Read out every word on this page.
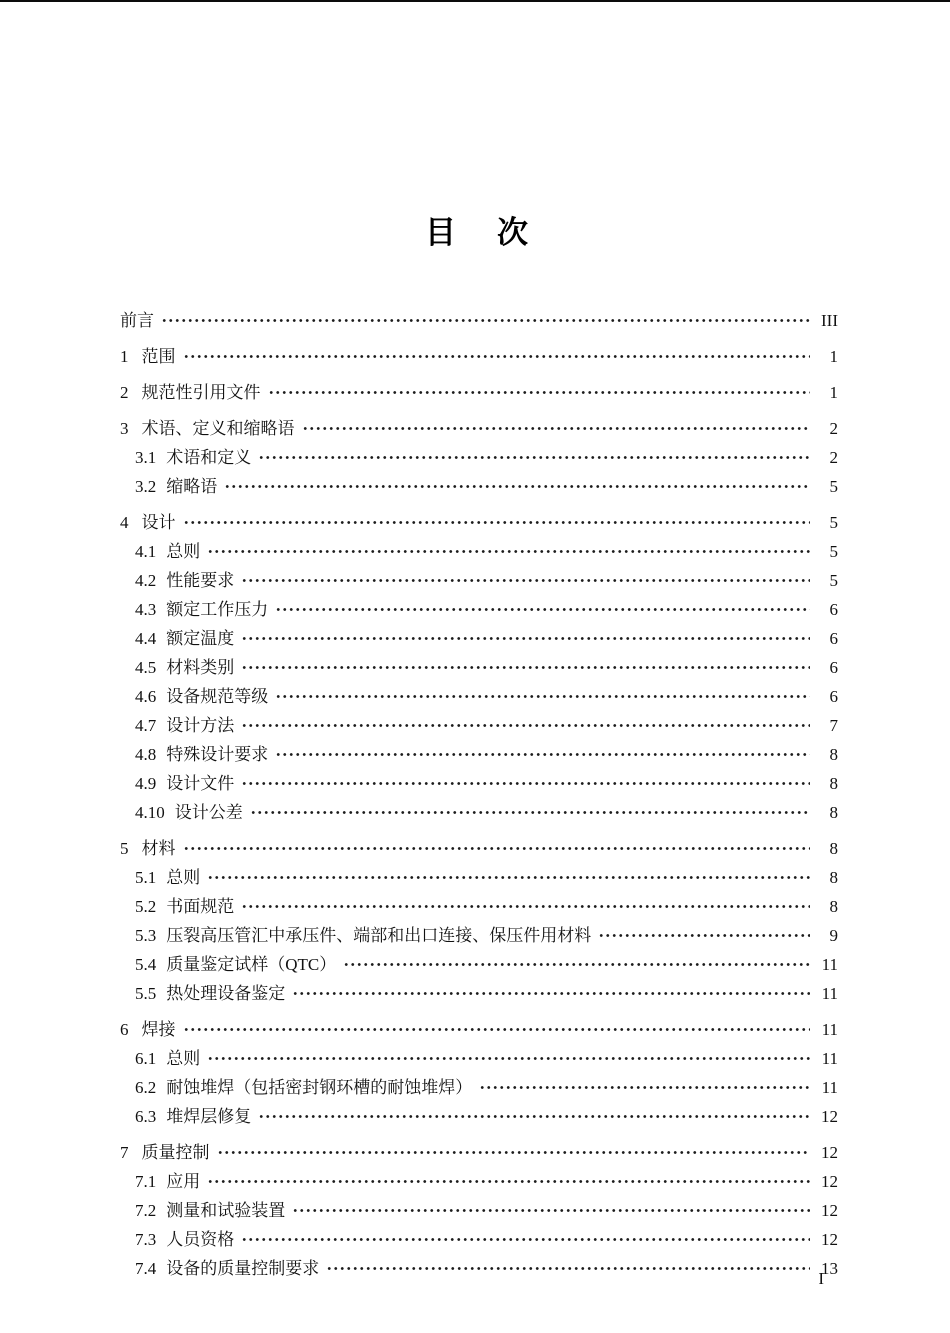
目　次
前言	III
1 范围	1
2 规范性引用文件	1
3 术语、定义和缩略语	2
3.1 术语和定义	2
3.2 缩略语	5
4 设计	5
4.1 总则	5
4.2 性能要求	5
4.3 额定工作压力	6
4.4 额定温度	6
4.5 材料类别	6
4.6 设备规范等级	6
4.7 设计方法	7
4.8 特殊设计要求	8
4.9 设计文件	8
4.10 设计公差	8
5 材料	8
5.1 总则	8
5.2 书面规范	8
5.3 压裂高压管汇中承压件、端部和出口连接、保压件用材料	9
5.4 质量鉴定试样（QTC）	11
5.5 热处理设备鉴定	11
6 焊接	11
6.1 总则	11
6.2 耐蚀堆焊（包括密封钢环槽的耐蚀堆焊）	11
6.3 堆焊层修复	12
7 质量控制	12
7.1 应用	12
7.2 测量和试验装置	12
7.3 人员资格	12
7.4 设备的质量控制要求	13
I
